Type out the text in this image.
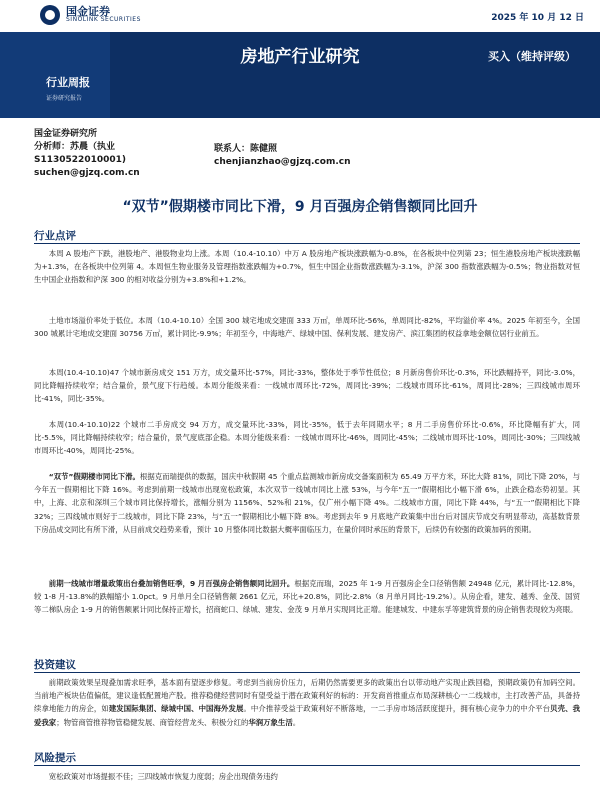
国金证券
SINOLINK SECURITIES	2025 年 10 月 12 日
房地产行业研究	买入（维持评级）
行业周报
证券研究报告
国金证券研究所
分析师：苏晨（执业
S1130522010001)
suchen@gjzq.com.cn
联系人：陈健照
chenjianzhao@gjzq.com.cn
“双节”假期楼市同比下滑，9 月百强房企销售额同比回升
行业点评

本周 A 股地产下跌，港股地产、港股物业均上涨。本周（10.4-10.10）中万 A 股房地产板块涨跌幅为-0.8%，在各板块中位列第 23；恒生港股房地产板块涨跌幅为+1.3%，在各板块中位列第 4。本周恒生物业服务及管理指数涨跌幅为+0.7%，恒生中国企业指数涨跌幅为-3.1%，沪深 300 指数涨跌幅为-0.5%；物业指数对恒生中国企业指数和沪深 300 的相对收益分别为+3.8%和+1.2%。

土地市场溢价率处于低位。本周（10.4-10.10）全国 300 城宅地成交建面 333 万㎡，单周环比-56%，单周同比-82%，平均溢价率 4%。2025 年初至今，全国 300 城累计宅地成交建面 30756 万㎡，累计同比-9.9%；年初至今，中海地产、绿城中国、保利发展、建发房产、滨江集团的权益拿地金额位居行业前五。

本周(10.4-10.10)47 个城市新房成交 151 万方，成交量环比-57%，同比-33%，整体处于季节性低位；8 月新房售价环比-0.3%，环比跌幅持平，同比-3.0%，同比降幅持续收窄；结合量价，景气度下行趋缓。本周分能级来看：一线城市周环比-72%，周同比-39%；二线城市周环比-61%，周同比-28%；三四线城市周环比-41%，同比-35%。

本周(10.4-10.10)22 个城市二手房成交 94 万方，成交量环比-33%，同比-35%，低于去年同期水平；8 月二手房售价环比-0.6%，环比降幅有扩大，同比-5.5%，同比降幅持续收窄；结合量价，景气度底部企稳。本周分能级来看：一线城市周环比-46%，周同比-45%；二线城市周环比-10%，周同比-30%；三四线城市周环比-40%，周同比-25%。

“双节”假期楼市同比下滑。根据克而瑞提供的数据，国庆中秋假期 45 个重点监测城市新房成交备案面积为 65.49 万平方米，环比大降 81%，同比下降 20%，与今年五一假期相比下降 16%。考虑到前期一线城市出现宽松政策，本次双节一线城市同比上涨 53%，与今年“五一”假期相比小幅下滑 6%，止跌企稳态势初显。其中，上海、北京和深圳三个城市同比保持增长，涨幅分别为 1156%、52%和 21%，仅广州小幅下降 4%。二线城市方面，同比下降 44%，与“五一”假期相比下降 32%；三四线城市则好于二线城市，同比下降 23%，与“五一”假期相比小幅下降 8%。考虑到去年 9 月底地产政策集中出台后对国庆节成交有明显带动，高基数背景下房品成交同比有所下滑，从目前成交趋势来看，预计 10 月整体同比数据大概率面临压力，在量价同时承压的背景下，后续仍有较强的政策加码的预期。

前期一线城市增量政策出台叠加销售旺季，9 月百强房企销售额同比回升。根据克而瑞，2025 年 1-9 月百强房企全口径销售额 24948 亿元，累计同比-12.8%，较 1-8 月-13.8%的跌幅缩小 1.0pct。9 月单月全口径销售额 2661 亿元，环比+20.8%，同比-2.8%（8 月单月同比-19.2%）。从房企看，建发、越秀、金茂、国贸等二梯队房企 1-9 月的销售额累计同比保持正增长，招商蛇口、绿城、建发、金茂 9 月单月实现同比正增。能建城发、中建东孚等建筑背景的房企销售表现较为亮眼。

投资建议

前期政策效果呈现叠加需求旺季，基本面有望逐步修复。考虑到当前房价压力，后期仍然需要更多的政策出台以带动地产实现止跌回稳，预期政策仍有加码空间。当前地产板块估值偏低，建议逢低配置地产股。推荐稳健经营同时有望受益于潜在政策利好的标的：开发商首推重点布局深耕核心一二线城市，主打改善产品，具备持续拿地能力的房企，如建发国际集团、绿城中国、中国海外发展。中介推荐受益于政策利好不断落地，一二手房市场活跃度提升，拥有核心竞争力的中介平台贝壳、我爱我家；物管商管推荐物管稳健发展、商管经营龙头、积极分红的华润万象生活。

风险提示

宽松政策对市场提振不佳；三四线城市恢复力度弱；房企出现债务违约
